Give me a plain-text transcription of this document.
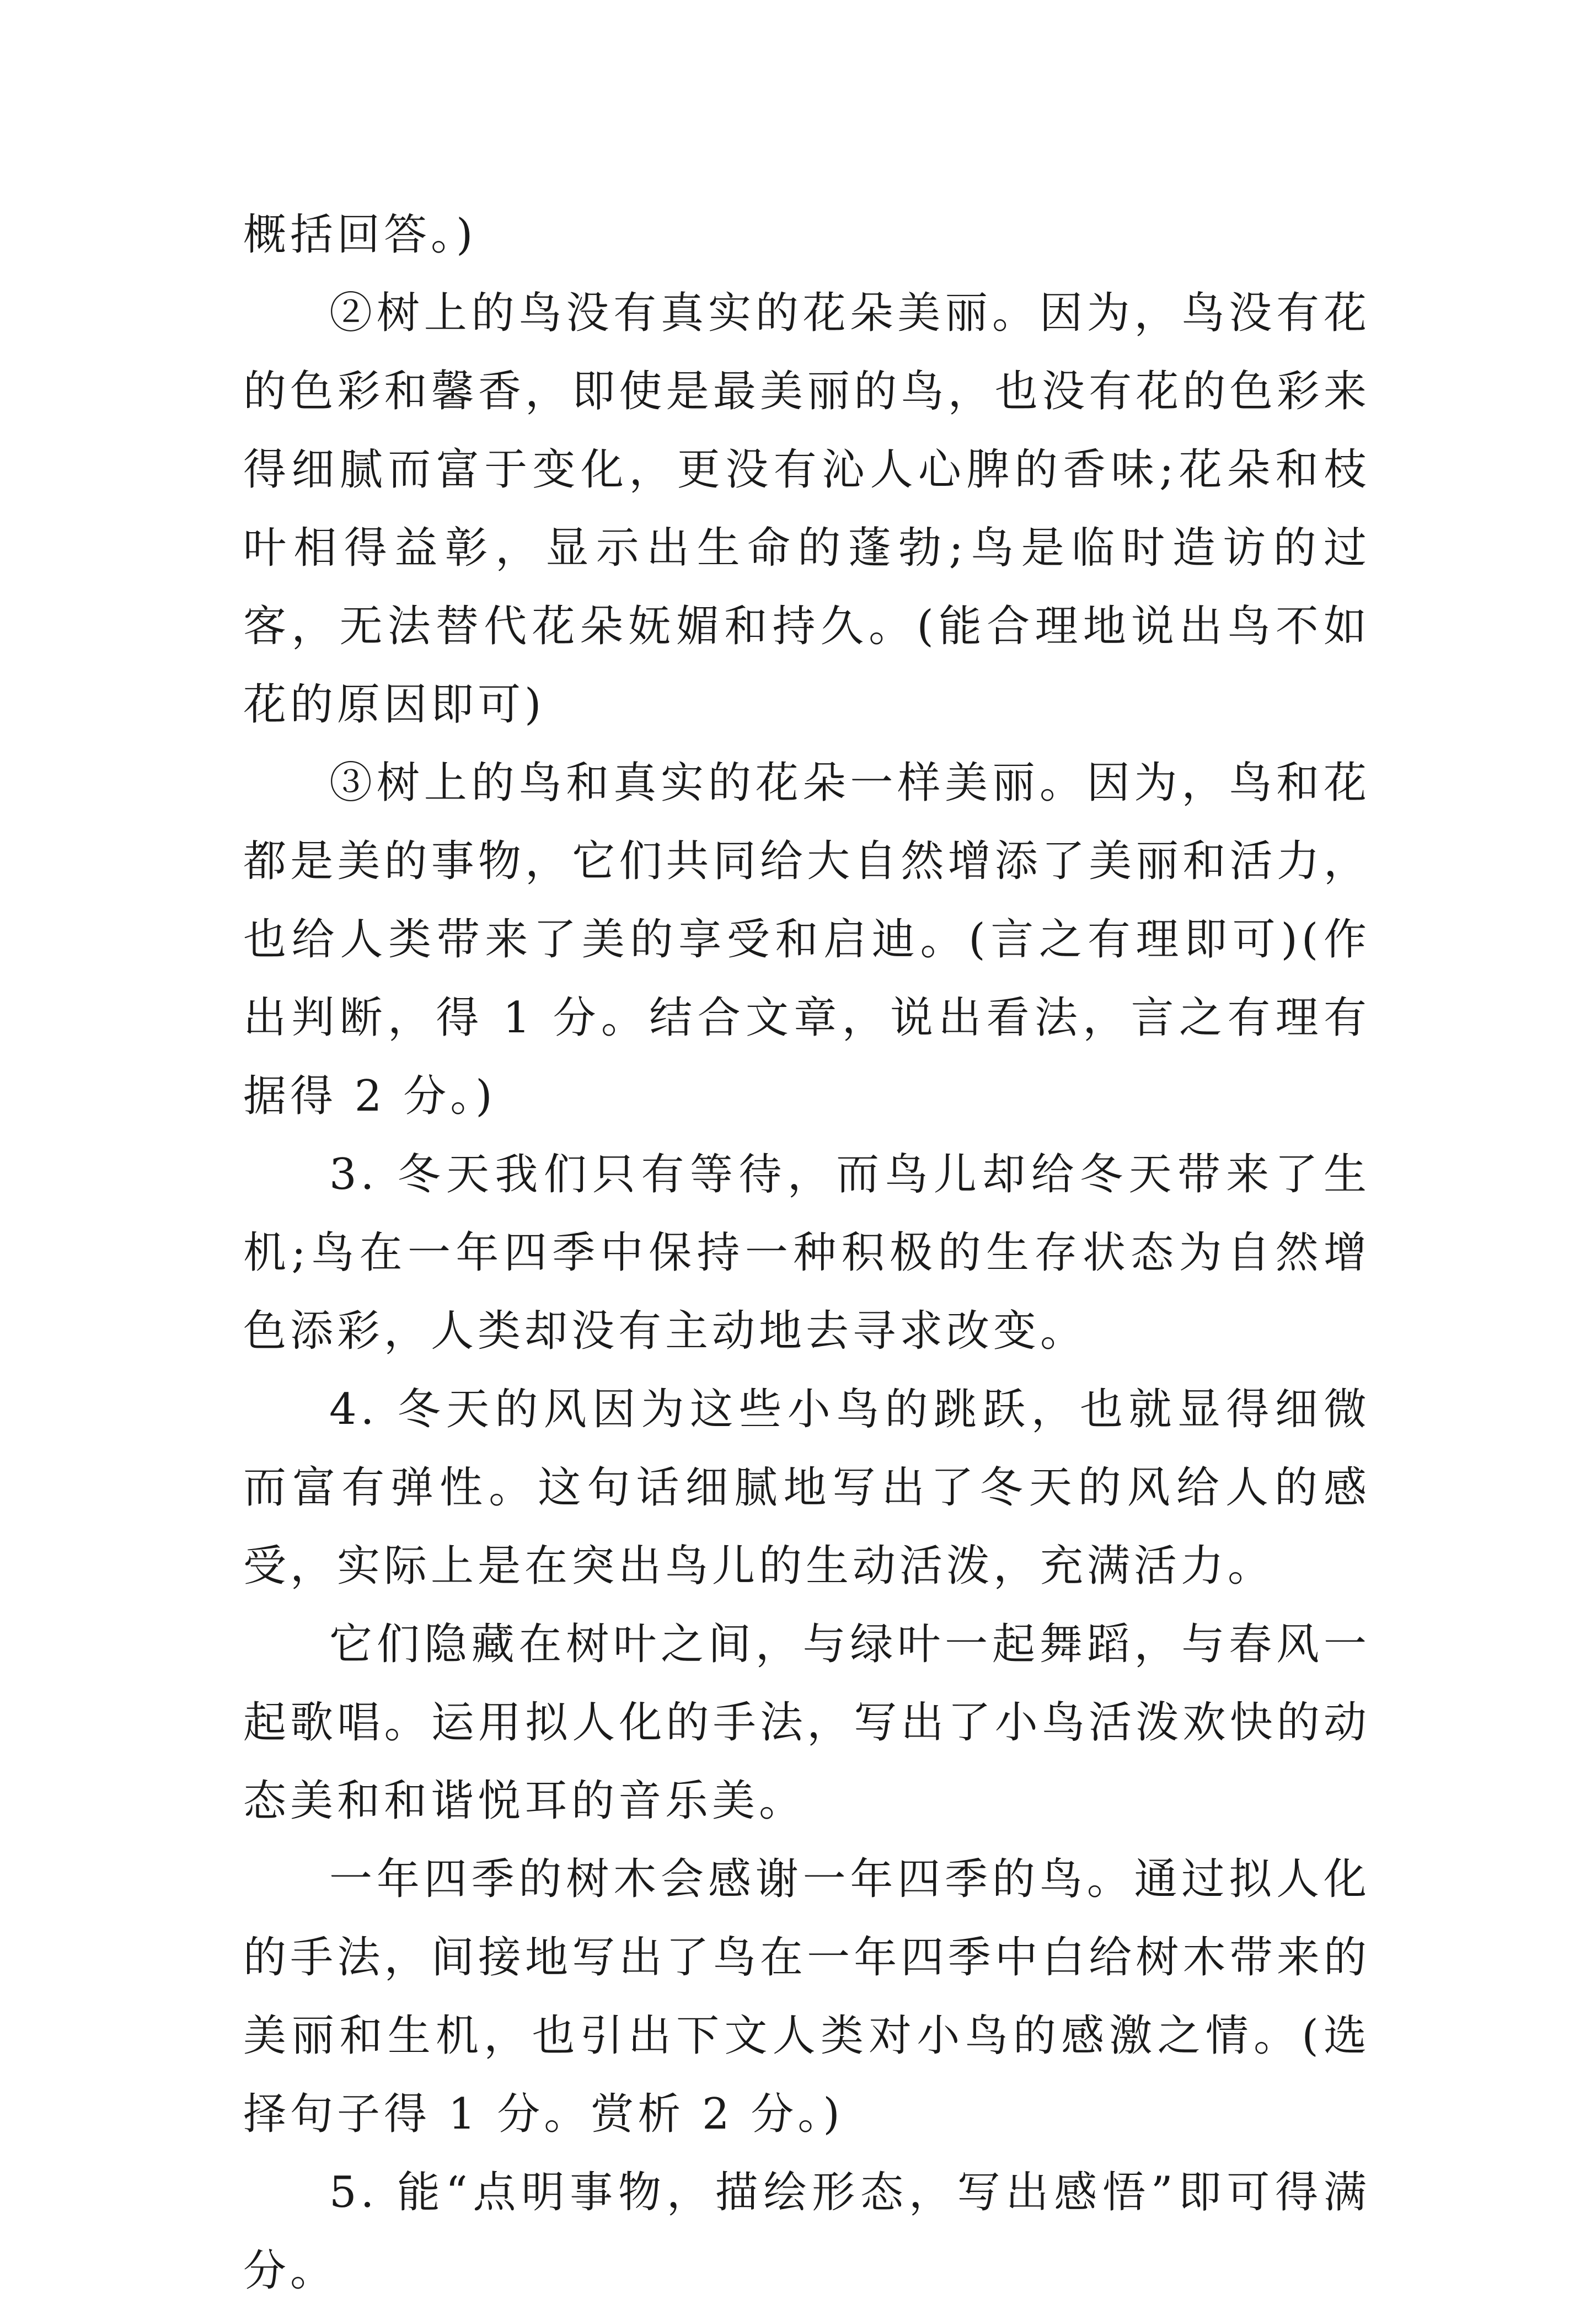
概括回答。)

②树上的鸟没有真实的花朵美丽。因为，鸟没有花的色彩和馨香，即使是最美丽的鸟，也没有花的色彩来得细腻而富于变化，更没有沁人心脾的香味;花朵和枝叶相得益彰，显示出生命的蓬勃;鸟是临时造访的过客，无法替代花朵妩媚和持久。(能合理地说出鸟不如花的原因即可)

③树上的鸟和真实的花朵一样美丽。因为，鸟和花都是美的事物，它们共同给大自然增添了美丽和活力，也给人类带来了美的享受和启迪。(言之有理即可)(作出判断，得 1 分。结合文章，说出看法，言之有理有据得 2 分。)

3. 冬天我们只有等待，而鸟儿却给冬天带来了生机;鸟在一年四季中保持一种积极的生存状态为自然增色添彩，人类却没有主动地去寻求改变。

4. 冬天的风因为这些小鸟的跳跃，也就显得细微而富有弹性。这句话细腻地写出了冬天的风给人的感受，实际上是在突出鸟儿的生动活泼，充满活力。

它们隐藏在树叶之间，与绿叶一起舞蹈，与春风一起歌唱。运用拟人化的手法，写出了小鸟活泼欢快的动态美和和谐悦耳的音乐美。

一年四季的树木会感谢一年四季的鸟。通过拟人化的手法，间接地写出了鸟在一年四季中白给树木带来的美丽和生机，也引出下文人类对小鸟的感激之情。(选择句子得 1 分。赏析 2 分。)

5. 能“点明事物，描绘形态，写出感悟”即可得满分。
